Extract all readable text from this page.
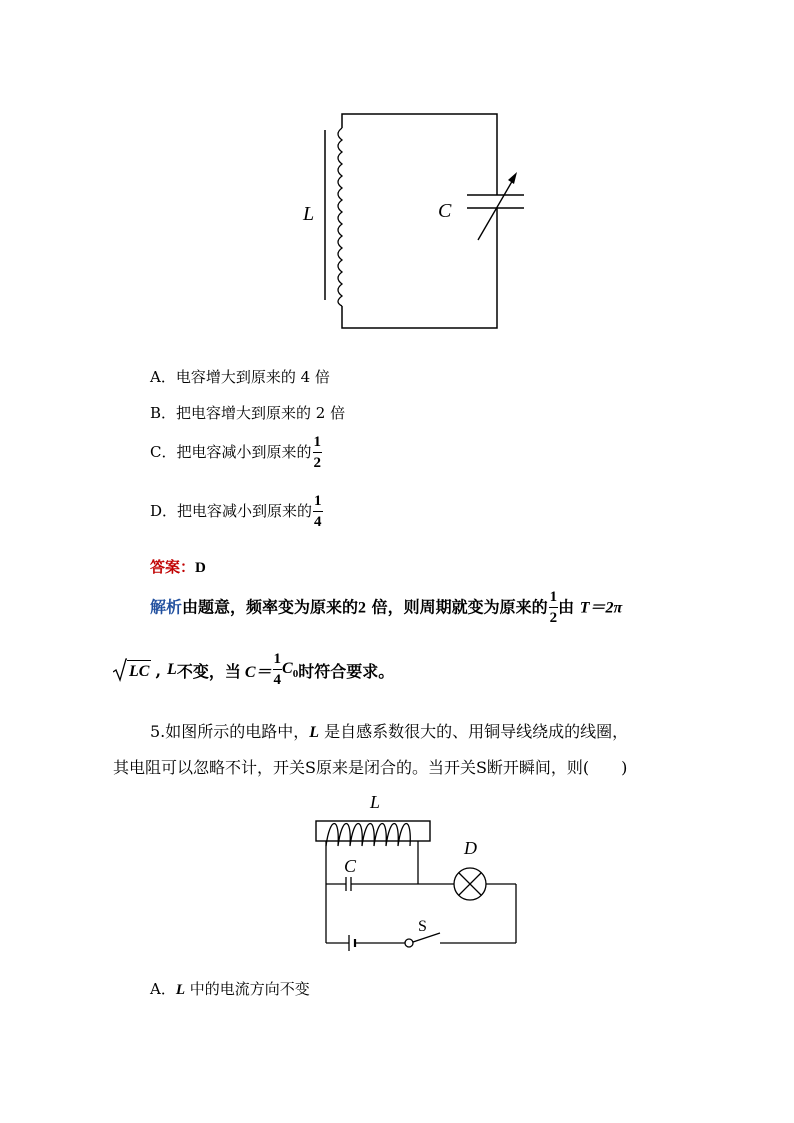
L	C
A．电容增大到原来的 4 倍
B．把电容增大到原来的 2 倍
C．把电容减小到原来的 $\frac{1}{2}$
D．把电容减小到原来的 $\frac{1}{4}$
答案：D
解析由题意，频率变为原来的2 倍，则周期就变为原来的 $\frac{1}{2}$ 由 T＝2π
LC , L 不变，当 $C= \frac{1}{4} C_0$ 时符合要求。
5.如图所示的电路中，L 是自感系数很大的、用铜导线绕成的线圈，
其电阻可以忽略不计，开关S原来是闭合的。当开关S断开瞬间，则(　　)
L
C
D
S
A．L 中的电流方向不变
